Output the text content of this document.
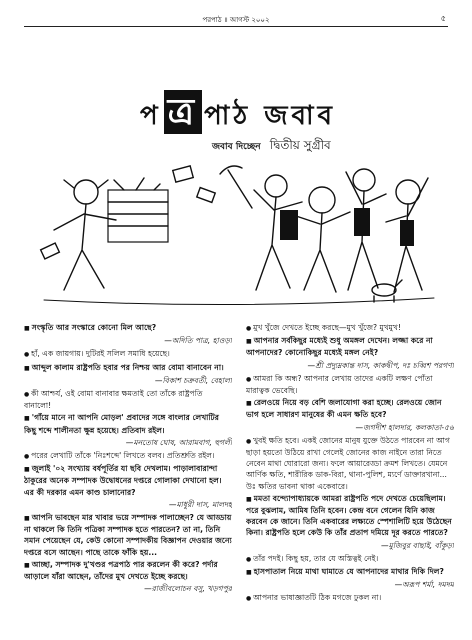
পরপাঠ ॥ আগস্ট ২০০২	৫
প ত্র পাঠ জবাব
জবাব দিচ্ছেন দ্বিতীয় সুগ্রীব
■ সংস্কৃতি আর সংস্কারে কোনো মিল আছে?
—অদিতি পাত্র, হাওড়া
● হাঁ, এক জায়গায়। দুটিরই সলিল সমাধি হয়েছে।
■ আব্দুল কালাম রাষ্ট্রপতি হবার পর নিশ্চয় আর বোমা বানাবেন না।
—বিকাশ চক্রবর্তী, বেহালা
● কী আশ্চর্য, ওই বোমা বানাবার ক্ষমতাই তো তাঁকে রাষ্ট্রপতি বানালো!
■ 'গাঁয়ে মানে না আপনি মোড়ল' প্রবাদের সঙ্গে বাংলার লেখাটির কিছু শব্দে শালীনতা ক্ষুন্ন হয়েছে। প্রতিবাদ রইল।
—মনতোষ ঘোষ, আরামবাগ, হুগলী
● পরের লেখাটি তাঁকে 'নিঃশব্দে' লিখতে বলব। প্রতিশ্রুতি রইল।
■ জুলাই '০২ সংখ্যায় বর্ষপূর্তির যা ছবি দেখলাম। পাড়ালাবারান্দা ঠাকুরের অনেক সম্পাদক উদ্বোধনের দপ্তরে গোলাকা দেখানো হল। এর কী দরকার এমন কাণ্ড চালানোর?
—মাধুরী দাস, মালদহ
■ আপনি ভাবছেন মার খাবার ভয়ে সম্পাদক পালাচ্ছেন? যে আড্ডায় না থাকলে কি তিনি পত্রিকা সম্পাদক হতে পারতেন? তা না, তিনি সমান পেয়েছেন যে, কেউ কোনো সম্পাদকীয় বিজ্ঞাপন দেওয়ার জন্যে দপ্তরে বসে আছেন। পাছে তাকে ফাঁকি হয়...
■ আচ্ছা, সম্পাদক দু'খণ্ডর পত্রপাঠ পার করলেন কী করে? পর্দার আড়ালে যাঁরা আছেন, তাঁদের মুখ দেখতে ইচ্ছে করছে।
—রাজীবলোচন বসু, খড়গপুর
● মুখ খুঁজে দেখতে ইচ্ছে করছে—মুখ খুঁজে? মুখমুখ!
■ আপনার সর্বকিছুর মধ্যেই শুধু অমঙ্গল দেখেন। লজ্জা করে না আপনাদের? কোনোকিছুর মধ্যেই মঙ্গল নেই?
—শ্রী প্রদ্যুম্নকান্ত দাস, কাকদ্বীপ, দঃ চব্বিশ পরগণা
● আমরা কি অন্ধ? আপনার লেখায় তাদের একটি লক্ষণ পোঁতা মারাত্বক ভেবেছি।
■ রেলওয়ে নিয়ে বড় বেশি জলাযোগা করা হচ্ছে। রেলওয়ে জোন ভাগ হলে সাধারণ মানুষের কী এমন ক্ষতি হবে?
—জগদীশ হালদার, কলকাতা-৫৬
● খুবই ক্ষতি হবে। একই জোনের মানুষ যুক্তে উঠতে পারবেন না আগ ছাড়া হয়তো উঠিয়ে রাখা গেলেই জোনের কাজ নাইনে তারা নিতে নেবেন মাথা ঘোরারো জন্য। ফলে আয়ারেড্ডা ক্রমশ লিখতে। যেমনে আর্ণিক ক্ষতি, শারীরিক ডাক-বিরা, থানা-পুলিশ, ম্যর্ণে ডাক্তারখানা... উঃ ক্ষতির ভাবনা থাকা একেবারে।
■ মমতা বন্দ্যোপাধ্যায়কে আমরা রাষ্ট্রপতি পদে দেখতে চেয়েছিলাম। পরে বুঝলাম, আমিষ তিনি হবেন। কেন্দ্র বনে গেলেন যিনি কাজ করবেন কে জানে। তিনি একবারের লক্ষ্যতে স্পেশালিটি হয়ে উঠেছেন কিনা। রাষ্ট্রপতি হলে কেউ কি তাঁর প্রতাপ দমিয়ে দূর করতে পারতে?
—মুজিবুর বাছাই, বাঁকুড়া
● তাঁর পদই। কিছু হয়, তার যে অস্তিত্বই নেই।
■ হাসপাতাল নিয়ে মাথা ঘামাতে যে আপনাদের মাথার দিকি দিল?
—অরূপ শর্মা, দমদম
● আপনার ভাষাজ্ঞাতটি ঠিক মগজে ঢুকল না।
